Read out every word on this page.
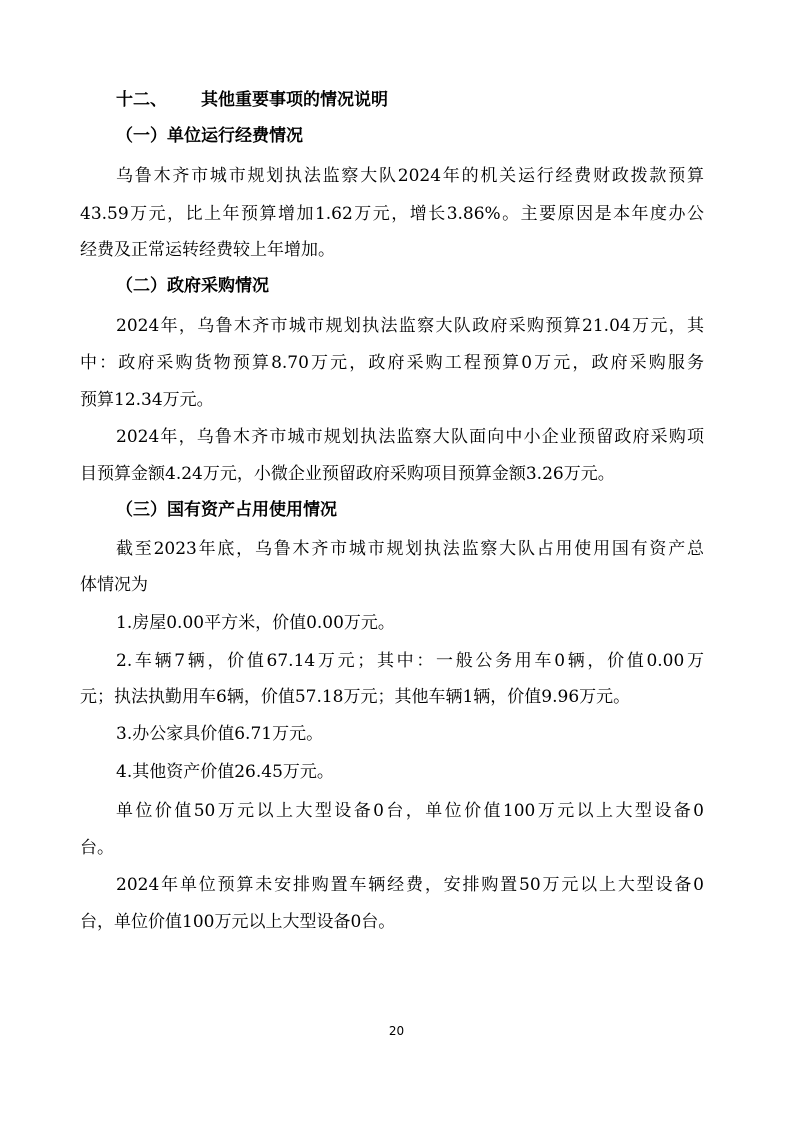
十二、 其他重要事项的情况说明

（一）单位运行经费情况

乌鲁木齐市城市规划执法监察大队2024年的机关运行经费财政拨款预算

43.59万元，比上年预算增加1.62万元，增长3.86%。主要原因是本年度办公

经费及正常运转经费较上年增加。

（二）政府采购情况

2024年，乌鲁木齐市城市规划执法监察大队政府采购预算21.04万元，其

中：政府采购货物预算8.70万元，政府采购工程预算0万元，政府采购服务

预算12.34万元。

2024年，乌鲁木齐市城市规划执法监察大队面向中小企业预留政府采购项

目预算金额4.24万元，小微企业预留政府采购项目预算金额3.26万元。

（三）国有资产占用使用情况

截至2023年底，乌鲁木齐市城市规划执法监察大队占用使用国有资产总

体情况为

1.房屋0.00平方米，价值0.00万元。

2.车辆7辆，价值67.14万元；其中：一般公务用车0辆，价值0.00万

元；执法执勤用车6辆，价值57.18万元；其他车辆1辆，价值9.96万元。

3.办公家具价值6.71万元。

4.其他资产价值26.45万元。

单位价值50万元以上大型设备0台，单位价值100万元以上大型设备0

台。

2024年单位预算未安排购置车辆经费，安排购置50万元以上大型设备0

台，单位价值100万元以上大型设备0台。

20
